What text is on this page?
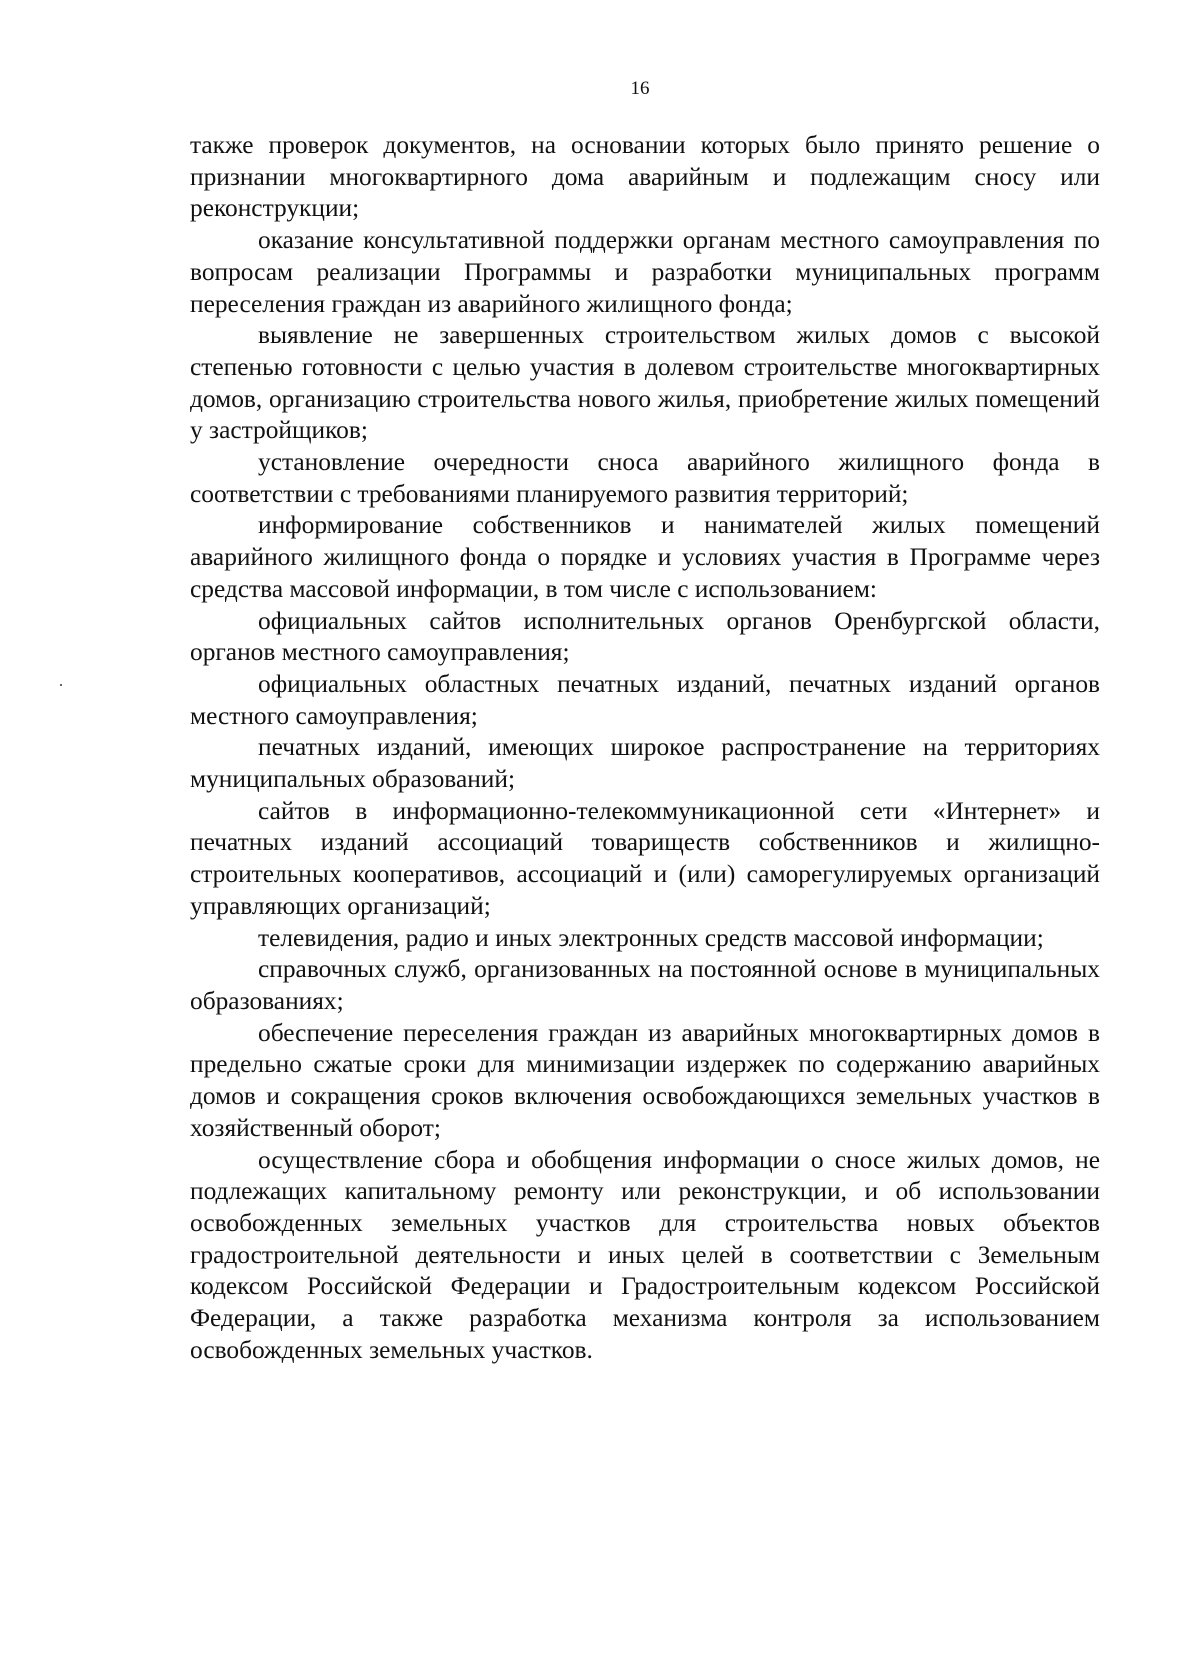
16

также проверок документов, на основании которых было принято решение о признании многоквартирного дома аварийным и подлежащим сносу или реконструкции;

оказание консультативной поддержки органам местного самоуправления по вопросам реализации Программы и разработки муниципальных программ переселения граждан из аварийного жилищного фонда;

выявление не завершенных строительством жилых домов с высокой степенью готовности с целью участия в долевом строительстве многоквартирных домов, организацию строительства нового жилья, приобретение жилых помещений у застройщиков;

установление очередности сноса аварийного жилищного фонда в соответствии с требованиями планируемого развития территорий;

информирование собственников и нанимателей жилых помещений аварийного жилищного фонда о порядке и условиях участия в Программе через средства массовой информации, в том числе с использованием:

официальных сайтов исполнительных органов Оренбургской области, органов местного самоуправления;

официальных областных печатных изданий, печатных изданий органов местного самоуправления;

печатных изданий, имеющих широкое распространение на территориях муниципальных образований;

сайтов в информационно-телекоммуникационной сети «Интернет» и печатных изданий ассоциаций товариществ собственников и жилищно-строительных кооперативов, ассоциаций и (или) саморегулируемых организаций управляющих организаций;

телевидения, радио и иных электронных средств массовой информации;

справочных служб, организованных на постоянной основе в муниципальных образованиях;

обеспечение переселения граждан из аварийных многоквартирных домов в предельно сжатые сроки для минимизации издержек по содержанию аварийных домов и сокращения сроков включения освобождающихся земельных участков в хозяйственный оборот;

осуществление сбора и обобщения информации о сносе жилых домов, не подлежащих капитальному ремонту или реконструкции, и об использовании освобожденных земельных участков для строительства новых объектов градостроительной деятельности и иных целей в соответствии с Земельным кодексом Российской Федерации и Градостроительным кодексом Российской Федерации, а также разработка механизма контроля за использованием освобожденных земельных участков.
